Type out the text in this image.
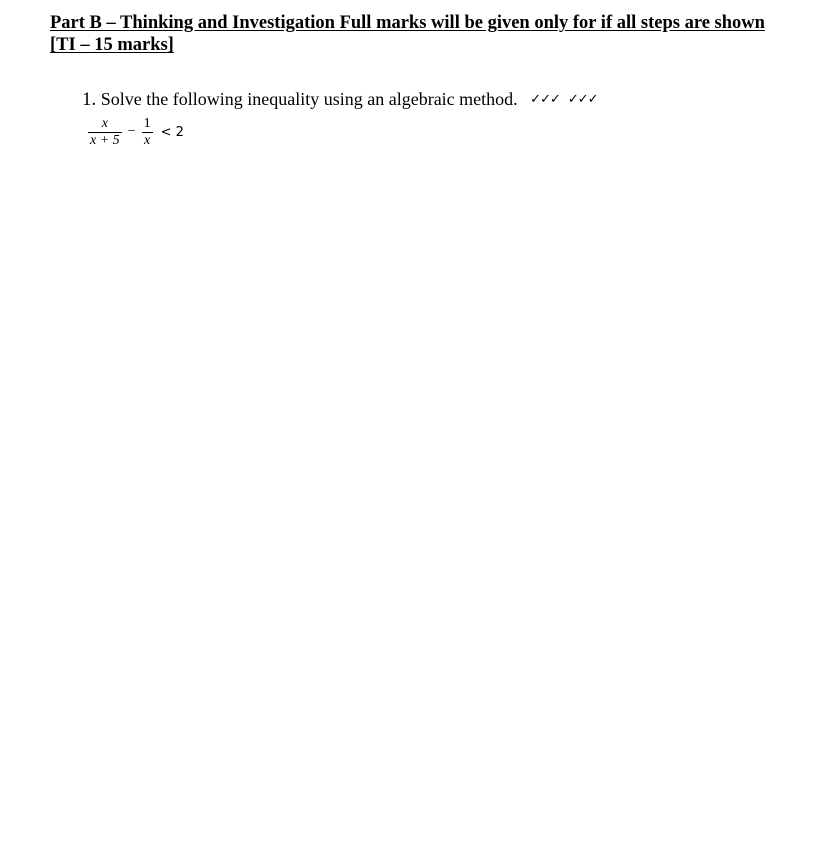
Part B – Thinking and Investigation Full marks will be given only for if all steps are shown
[TI – 15 marks]
1. Solve the following inequality using an algebraic method. ✓✓✓ ✓✓✓
$\frac{x}{x + 5} - \frac{1}{x} < 2$
